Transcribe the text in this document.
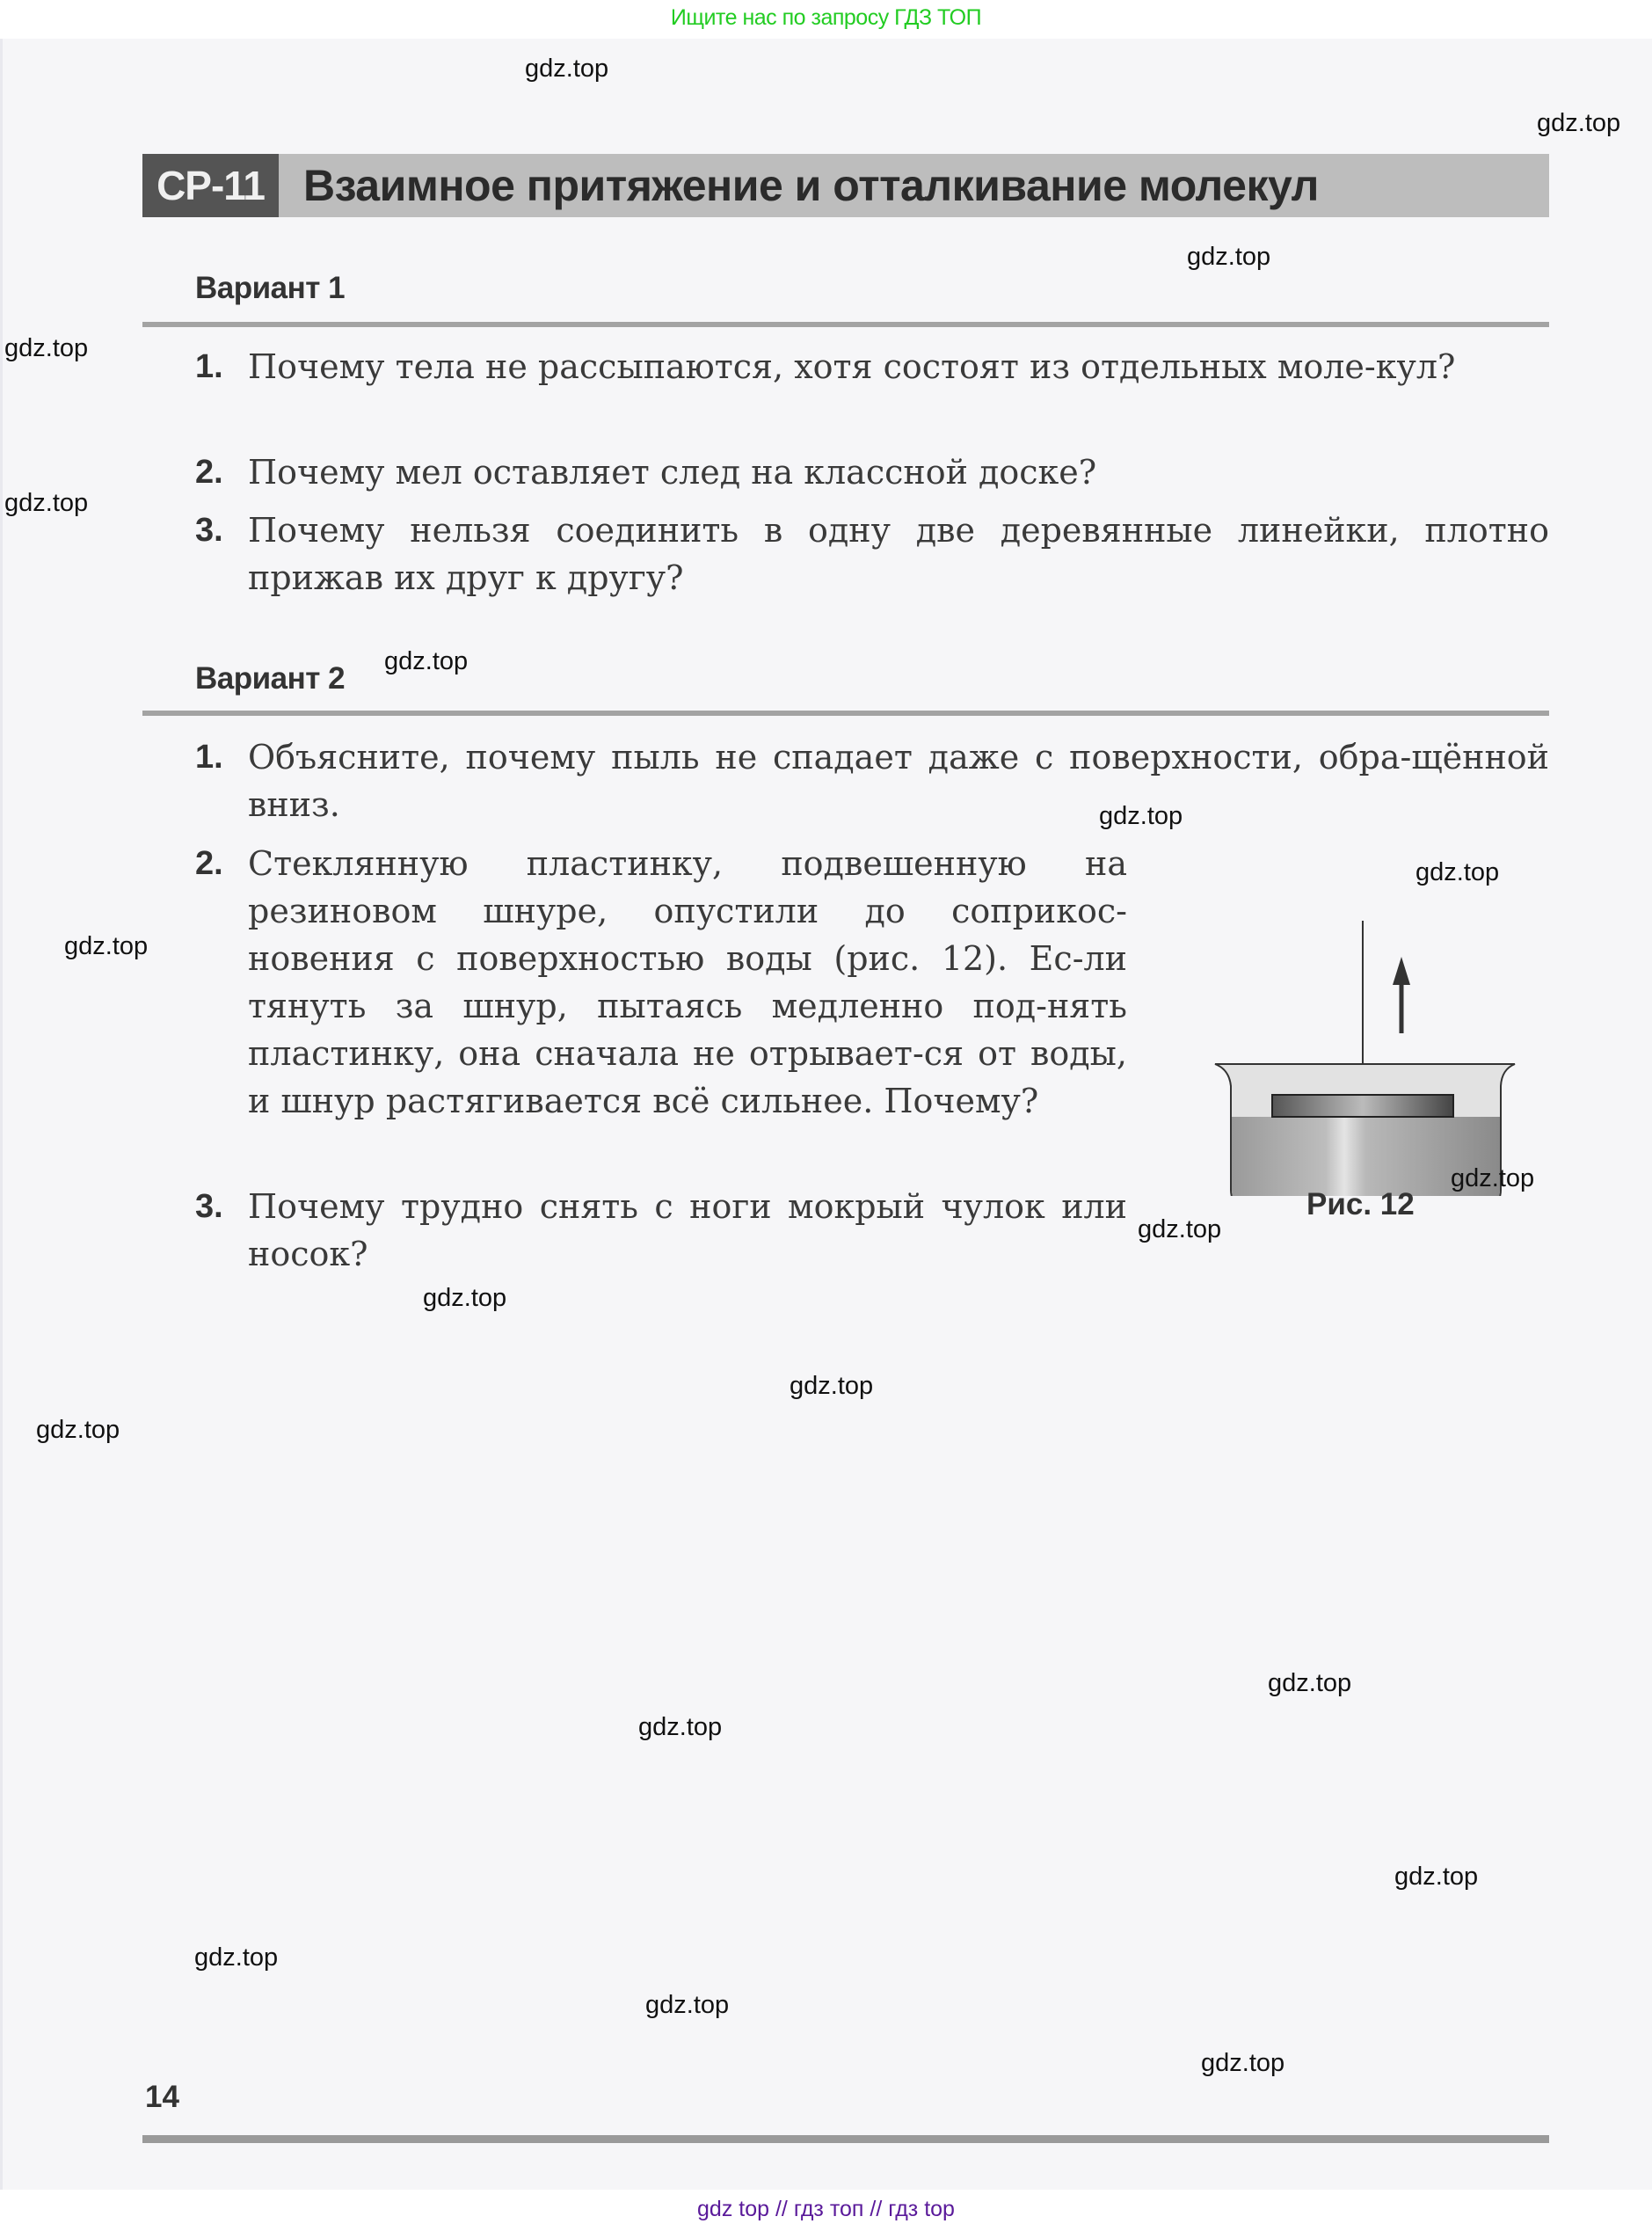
Ищите нас по запросу ГДЗ ТОП
СР-11 Взаимное притяжение и отталкивание молекул
Вариант 1
1. Почему тела не рассыпаются, хотя состоят из отдельных моле-кул?
2. Почему мел оставляет след на классной доске?
3. Почему нельзя соединить в одну две деревянные линейки, плотно прижав их друг к другу?
Вариант 2
1. Объясните, почему пыль не спадает даже с поверхности, обра-щённой вниз.
2. Стеклянную пластинку, подвешенную на резиновом шнуре, опустили до соприкос-новения с поверхностью воды (рис. 12). Ес-ли тянуть за шнур, пытаясь медленно под-нять пластинку, она сначала не отрывает-ся от воды, и шнур растягивается всё сильнее. Почему?
3. Почему трудно снять с ноги мокрый чулок или носок?
Рис. 12
14
gdz.top
gdz.top
gdz.top
gdz.top
gdz.top
gdz.top
gdz.top
gdz.top
gdz.top
gdz.top
gdz.top
gdz.top
gdz.top
gdz.top
gdz.top
gdz.top
gdz.top
gdz.top
gdz.top
gdz.top
gdz top // гдз топ // гдз top
